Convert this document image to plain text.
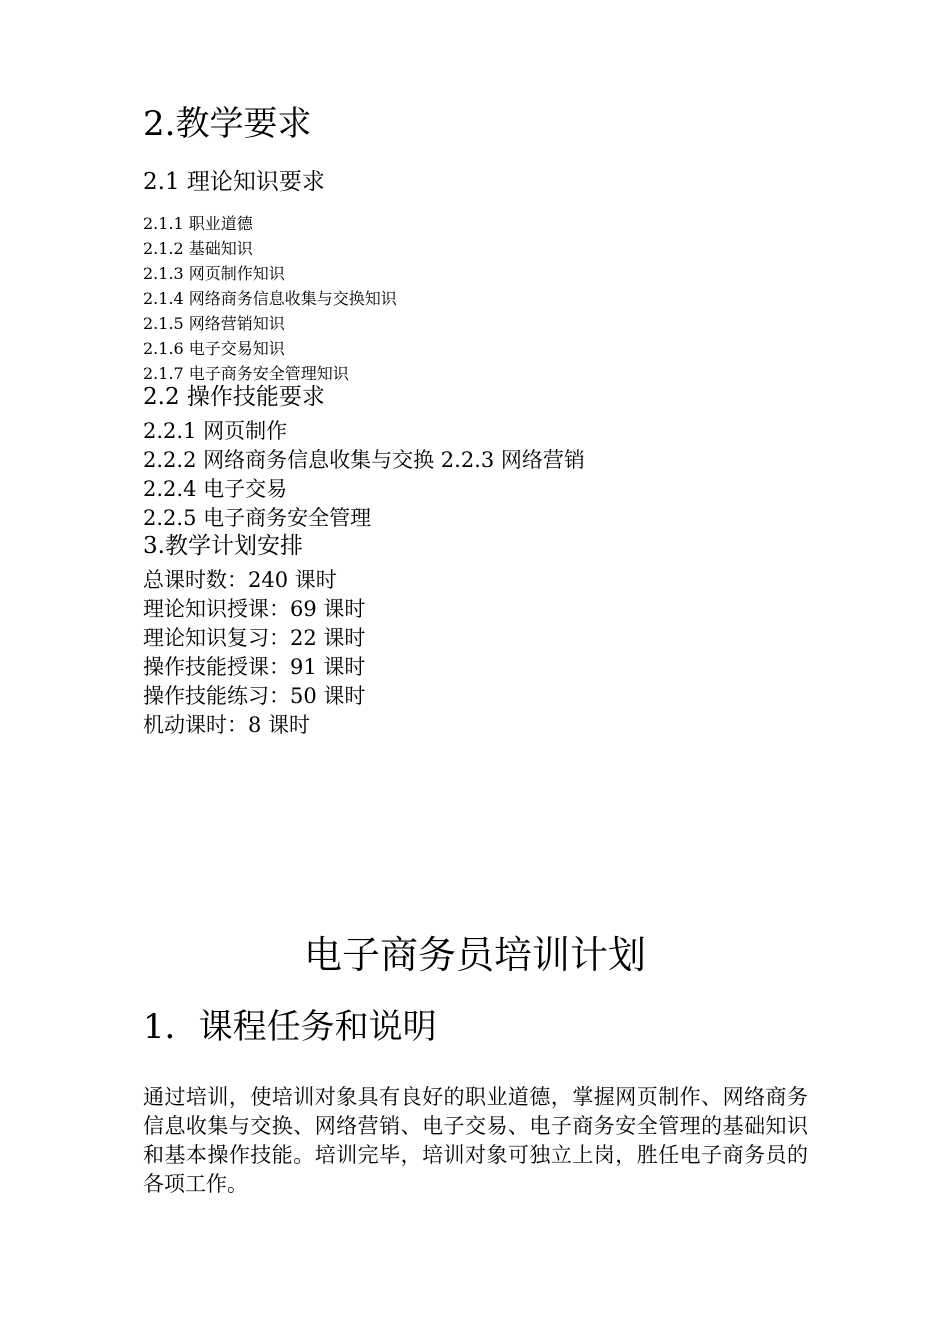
2.教学要求
2.1 理论知识要求
2.1.1 职业道德
2.1.2 基础知识
2.1.3 网页制作知识
2.1.4 网络商务信息收集与交换知识
2.1.5 网络营销知识
2.1.6 电子交易知识
2.1.7 电子商务安全管理知识
2.2 操作技能要求
2.2.1 网页制作
2.2.2 网络商务信息收集与交换 2.2.3 网络营销
2.2.4 电子交易
2.2.5 电子商务安全管理
3.教学计划安排
总课时数：240 课时
理论知识授课：69 课时
理论知识复习：22 课时
操作技能授课：91 课时
操作技能练习：50 课时
机动课时：8 课时
电子商务员培训计划
1．课程任务和说明
通过培训，使培训对象具有良好的职业道德，掌握网页制作、网络商务信息收集与交换、网络营销、电子交易、电子商务安全管理的基础知识和基本操作技能。培训完毕，培训对象可独立上岗，胜任电子商务员的各项工作。
